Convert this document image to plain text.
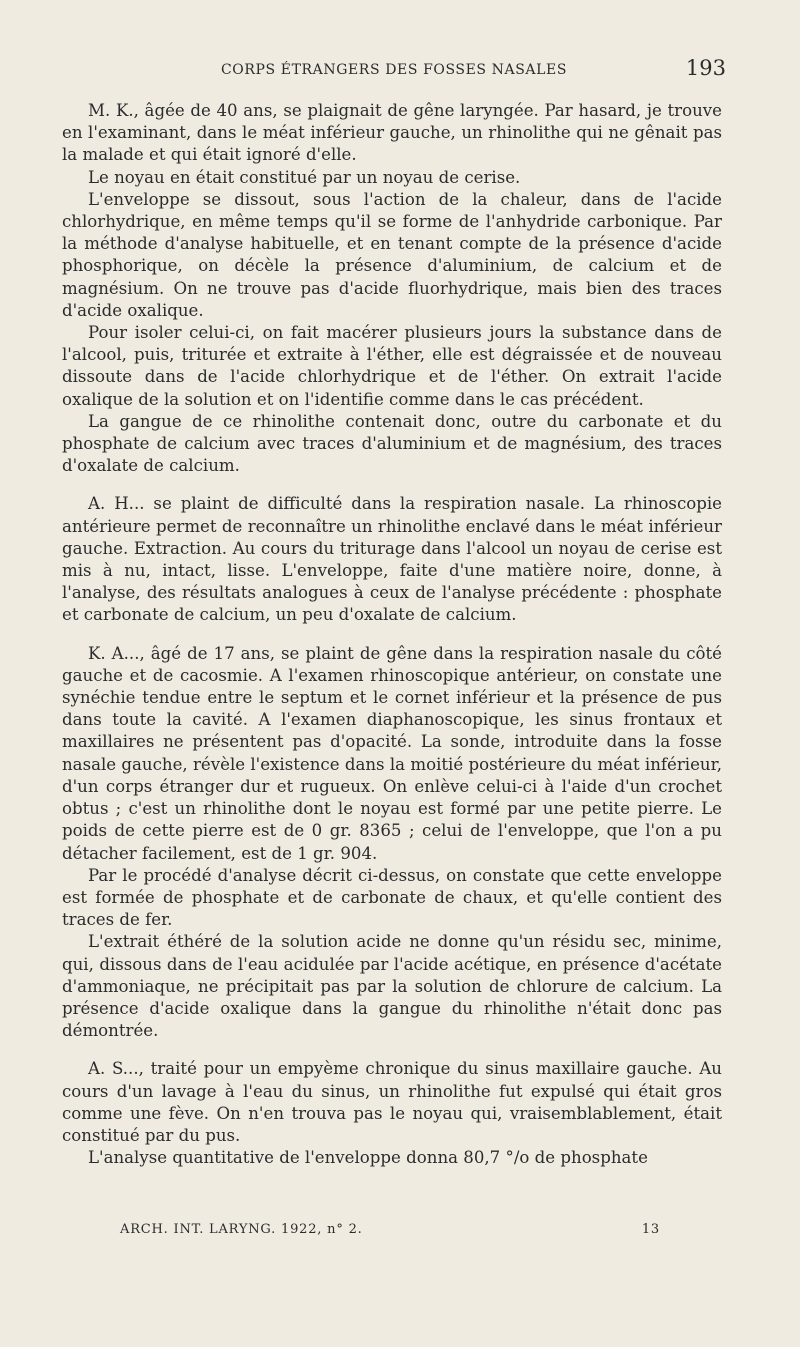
CORPS ÉTRANGERS DES FOSSES NASALES	193

M. K., âgée de 40 ans, se plaignait de gêne laryngée. Par hasard, je trouve en l'examinant, dans le méat inférieur gauche, un rhinolithe qui ne gênait pas la malade et qui était ignoré d'elle.

Le noyau en était constitué par un noyau de cerise.

L'enveloppe se dissout, sous l'action de la chaleur, dans de l'acide chlorhydrique, en même temps qu'il se forme de l'anhydride carbonique. Par la méthode d'analyse habituelle, et en tenant compte de la présence d'acide phosphorique, on décèle la présence d'aluminium, de calcium et de magnésium. On ne trouve pas d'acide fluorhydrique, mais bien des traces d'acide oxalique.

Pour isoler celui-ci, on fait macérer plusieurs jours la substance dans de l'alcool, puis, triturée et extraite à l'éther, elle est dégraissée et de nouveau dissoute dans de l'acide chlorhydrique et de l'éther. On extrait l'acide oxalique de la solution et on l'identifie comme dans le cas précédent.

La gangue de ce rhinolithe contenait donc, outre du carbonate et du phosphate de calcium avec traces d'aluminium et de magnésium, des traces d'oxalate de calcium.

A. H... se plaint de difficulté dans la respiration nasale. La rhinoscopie antérieure permet de reconnaître un rhinolithe enclavé dans le méat inférieur gauche. Extraction. Au cours du triturage dans l'alcool un noyau de cerise est mis à nu, intact, lisse. L'enveloppe, faite d'une matière noire, donne, à l'analyse, des résultats analogues à ceux de l'analyse précédente : phosphate et carbonate de calcium, un peu d'oxalate de calcium.

K. A..., âgé de 17 ans, se plaint de gêne dans la respiration nasale du côté gauche et de cacosmie. A l'examen rhinoscopique antérieur, on constate une synéchie tendue entre le septum et le cornet inférieur et la présence de pus dans toute la cavité. A l'examen diaphanoscopique, les sinus frontaux et maxillaires ne présentent pas d'opacité. La sonde, introduite dans la fosse nasale gauche, révèle l'existence dans la moitié postérieure du méat inférieur, d'un corps étranger dur et rugueux. On enlève celui-ci à l'aide d'un crochet obtus ; c'est un rhinolithe dont le noyau est formé par une petite pierre. Le poids de cette pierre est de 0 gr. 8365 ; celui de l'enveloppe, que l'on a pu détacher facilement, est de 1 gr. 904.

Par le procédé d'analyse décrit ci-dessus, on constate que cette enveloppe est formée de phosphate et de carbonate de chaux, et qu'elle contient des traces de fer.

L'extrait éthéré de la solution acide ne donne qu'un résidu sec, minime, qui, dissous dans de l'eau acidulée par l'acide acétique, en présence d'acétate d'ammoniaque, ne précipitait pas par la solution de chlorure de calcium. La présence d'acide oxalique dans la gangue du rhinolithe n'était donc pas démontrée.

A. S..., traité pour un empyème chronique du sinus maxillaire gauche. Au cours d'un lavage à l'eau du sinus, un rhinolithe fut expulsé qui était gros comme une fève. On n'en trouva pas le noyau qui, vraisemblablement, était constitué par du pus.

L'analyse quantitative de l'enveloppe donna 80,7 °/o de phosphate

ARCH. INT. LARYNG. 1922, n° 2.	13
